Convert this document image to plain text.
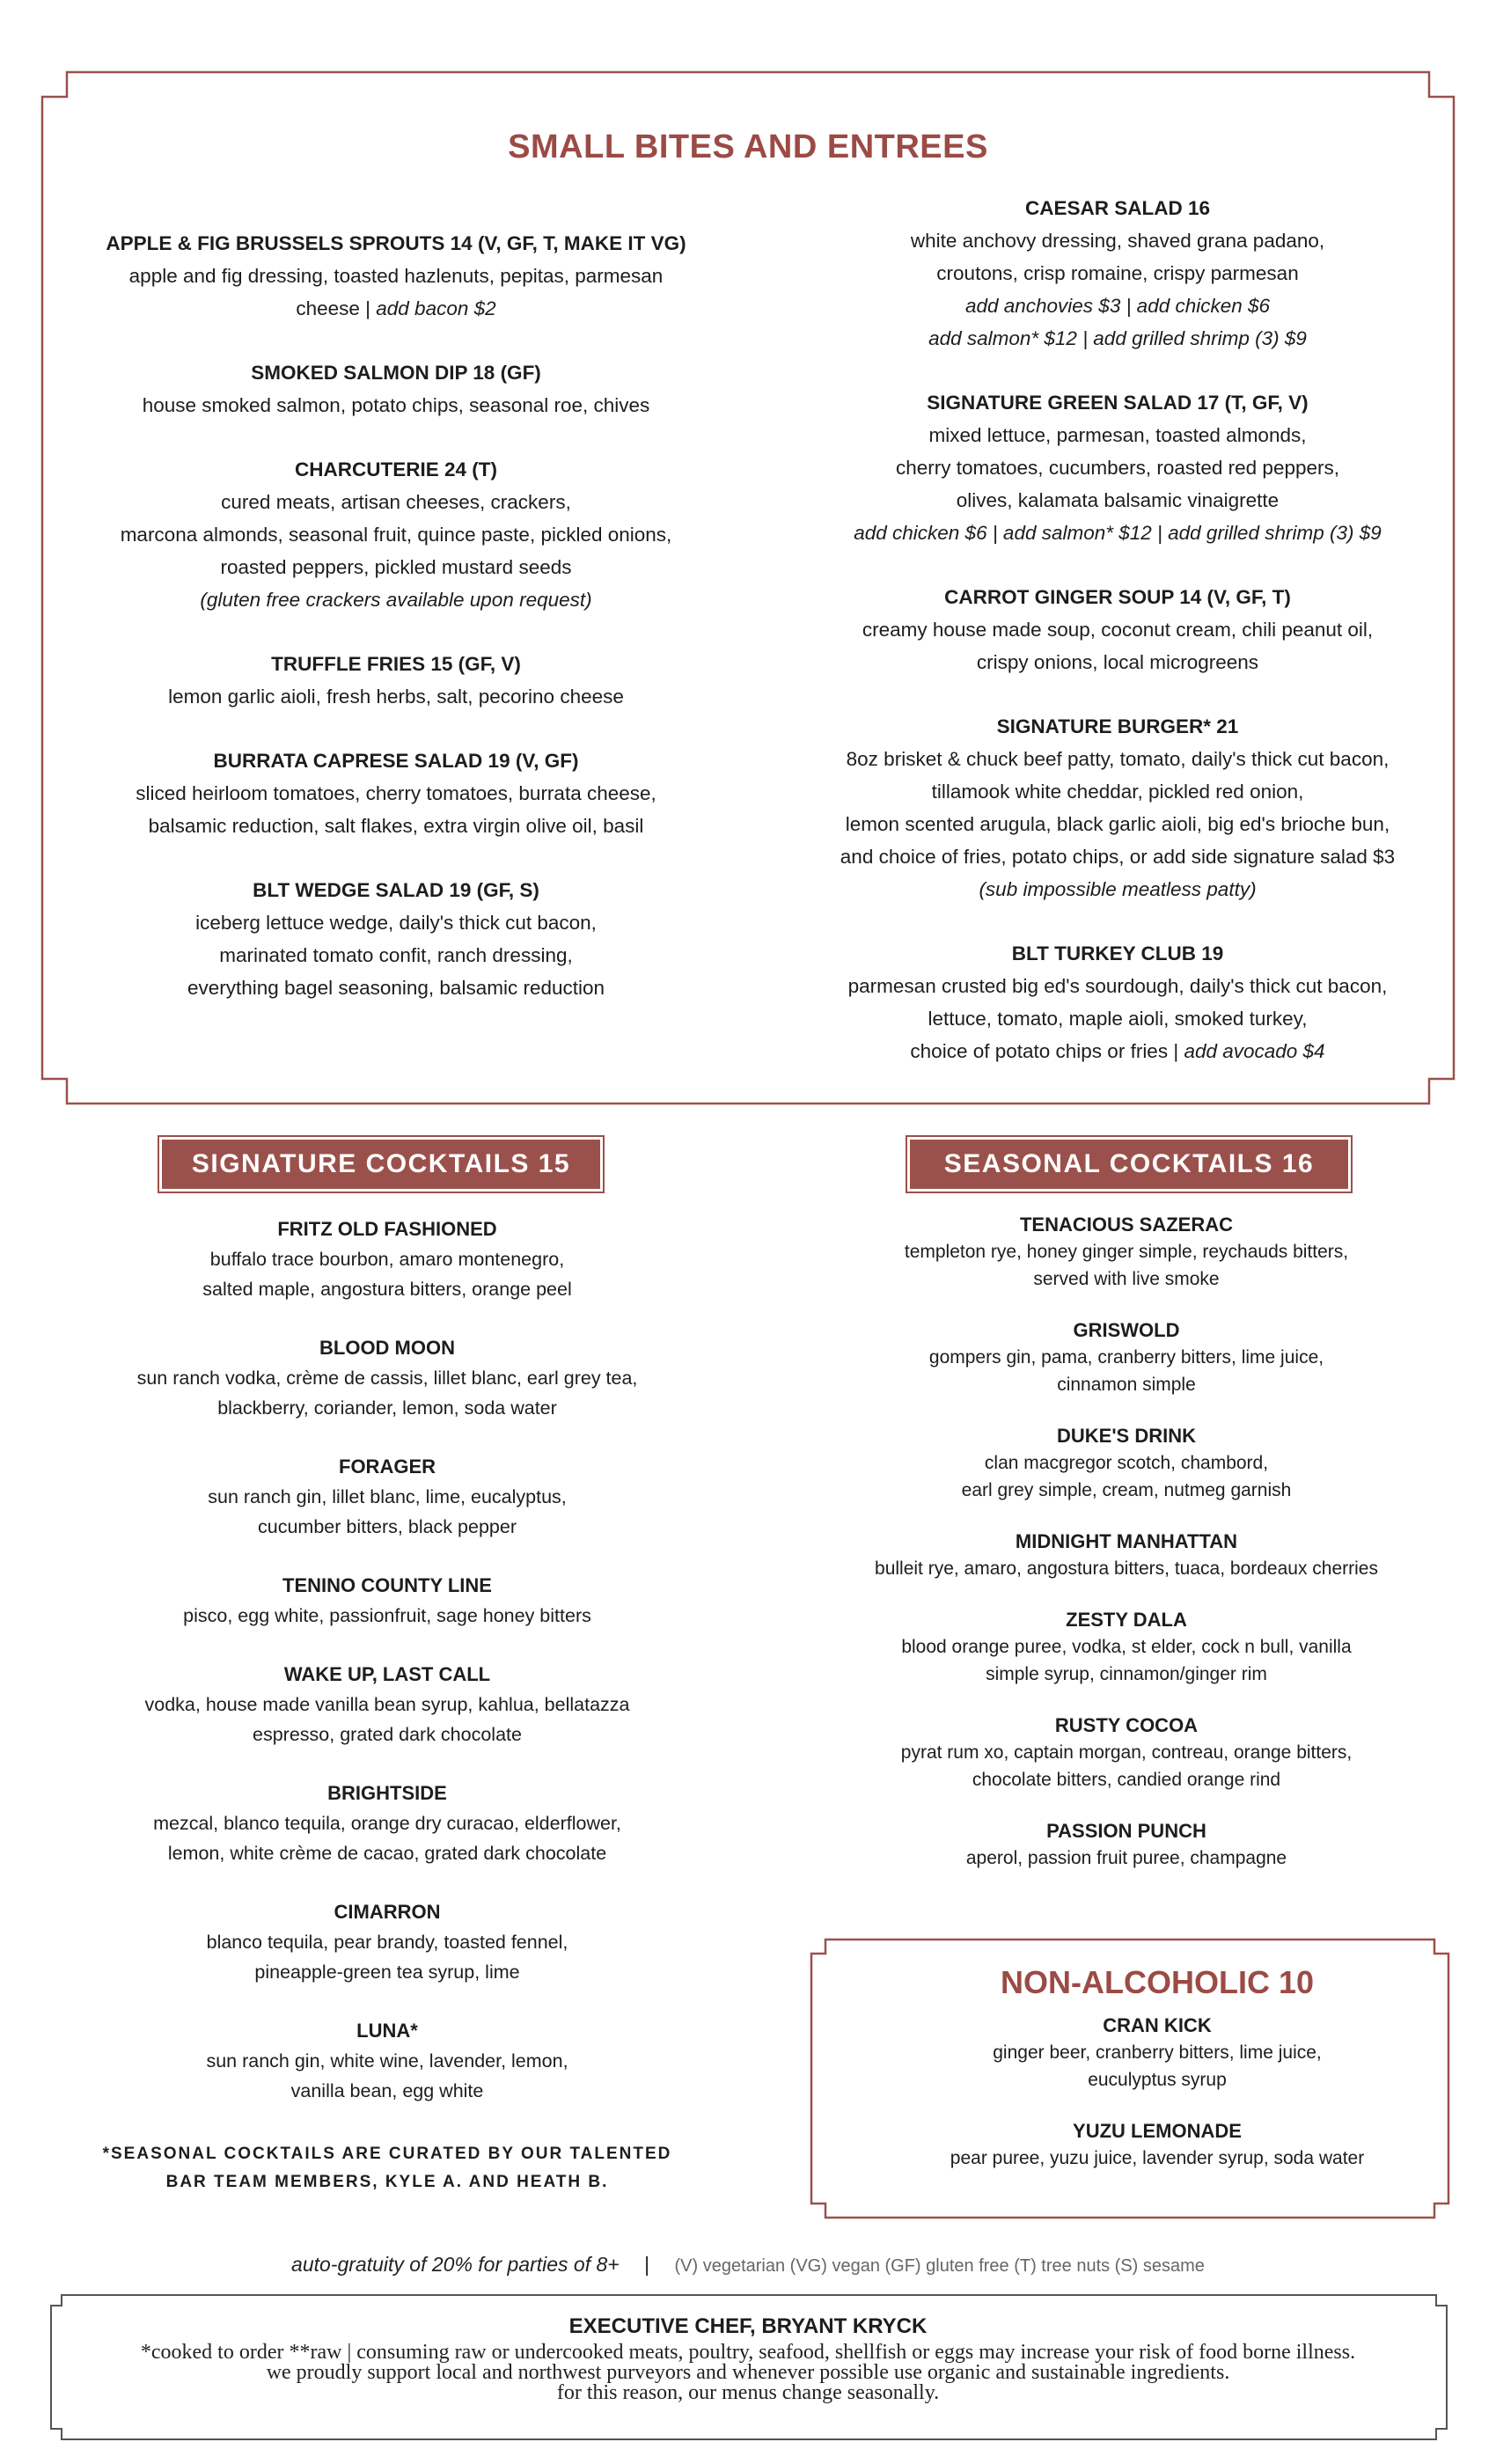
SMALL BITES AND ENTREES
APPLE & FIG BRUSSELS SPROUTS 14 (V, GF, T, MAKE IT VG)
apple and fig dressing, toasted hazlenuts, pepitas, parmesan
cheese | add bacon $2
SMOKED SALMON DIP 18 (GF)
house smoked salmon, potato chips, seasonal roe, chives
CHARCUTERIE 24 (T)
cured meats, artisan cheeses, crackers,
marcona almonds, seasonal fruit, quince paste, pickled onions,
roasted peppers, pickled mustard seeds
(gluten free crackers available upon request)
TRUFFLE FRIES 15 (GF, V)
lemon garlic aioli, fresh herbs, salt, pecorino cheese
BURRATA CAPRESE SALAD 19 (V, GF)
sliced heirloom tomatoes, cherry tomatoes, burrata cheese,
balsamic reduction, salt flakes, extra virgin olive oil, basil
BLT WEDGE SALAD 19 (GF, S)
iceberg lettuce wedge, daily's thick cut bacon,
marinated tomato confit, ranch dressing,
everything bagel seasoning, balsamic reduction
CAESAR SALAD 16
white anchovy dressing, shaved grana padano,
croutons, crisp romaine, crispy parmesan
add anchovies $3 | add chicken $6
add salmon* $12 | add grilled shrimp (3) $9
SIGNATURE GREEN SALAD 17 (T, GF, V)
mixed lettuce, parmesan, toasted almonds,
cherry tomatoes, cucumbers, roasted red peppers,
olives, kalamata balsamic vinaigrette
add chicken $6 | add salmon* $12 | add grilled shrimp (3) $9
CARROT GINGER SOUP 14 (V, GF, T)
creamy house made soup, coconut cream, chili peanut oil,
crispy onions, local microgreens
SIGNATURE BURGER* 21
8oz brisket & chuck beef patty, tomato, daily's thick cut bacon,
tillamook white cheddar, pickled red onion,
lemon scented arugula, black garlic aioli, big ed's brioche bun,
and choice of fries, potato chips, or add side signature salad $3
(sub impossible meatless patty)
BLT TURKEY CLUB 19
parmesan crusted big ed's sourdough, daily's thick cut bacon,
lettuce, tomato, maple aioli, smoked turkey,
choice of potato chips or fries | add avocado $4
SIGNATURE COCKTAILS 15	SEASONAL COCKTAILS 16
FRITZ OLD FASHIONED
buffalo trace bourbon, amaro montenegro,
salted maple, angostura bitters, orange peel
BLOOD MOON
sun ranch vodka, crème de cassis, lillet blanc, earl grey tea,
blackberry, coriander, lemon, soda water
FORAGER
sun ranch gin, lillet blanc, lime, eucalyptus,
cucumber bitters, black pepper
TENINO COUNTY LINE
pisco, egg white, passionfruit, sage honey bitters
WAKE UP, LAST CALL
vodka, house made vanilla bean syrup, kahlua, bellatazza
espresso, grated dark chocolate
BRIGHTSIDE
mezcal, blanco tequila, orange dry curacao, elderflower,
lemon, white crème de cacao, grated dark chocolate
CIMARRON
blanco tequila, pear brandy, toasted fennel,
pineapple-green tea syrup, lime
LUNA*
sun ranch gin, white wine, lavender, lemon,
vanilla bean, egg white
TENACIOUS SAZERAC
templeton rye, honey ginger simple, reychauds bitters,
served with live smoke
GRISWOLD
gompers gin, pama, cranberry bitters, lime juice,
cinnamon simple
DUKE'S DRINK
clan macgregor scotch, chambord,
earl grey simple, cream, nutmeg garnish
MIDNIGHT MANHATTAN
bulleit rye, amaro, angostura bitters, tuaca, bordeaux cherries
ZESTY DALA
blood orange puree, vodka, st elder, cock n bull, vanilla
simple syrup, cinnamon/ginger rim
RUSTY COCOA
pyrat rum xo, captain morgan, contreau, orange bitters,
chocolate bitters, candied orange rind
PASSION PUNCH
aperol, passion fruit puree, champagne
NON-ALCOHOLIC 10
CRAN KICK
ginger beer, cranberry bitters, lime juice,
euculyptus syrup
YUZU LEMONADE
pear puree, yuzu juice, lavender syrup, soda water
*SEASONAL COCKTAILS ARE CURATED BY OUR TALENTED
BAR TEAM MEMBERS, KYLE A. AND HEATH B.
auto-gratuity of 20% for parties of 8+ | (V) vegetarian (VG) vegan (GF) gluten free (T) tree nuts (S) sesame
EXECUTIVE CHEF, BRYANT KRYCK
*cooked to order **raw | consuming raw or undercooked meats, poultry, seafood, shellfish or eggs may increase your risk of food borne illness.
we proudly support local and northwest purveyors and whenever possible use organic and sustainable ingredients.
for this reason, our menus change seasonally.
